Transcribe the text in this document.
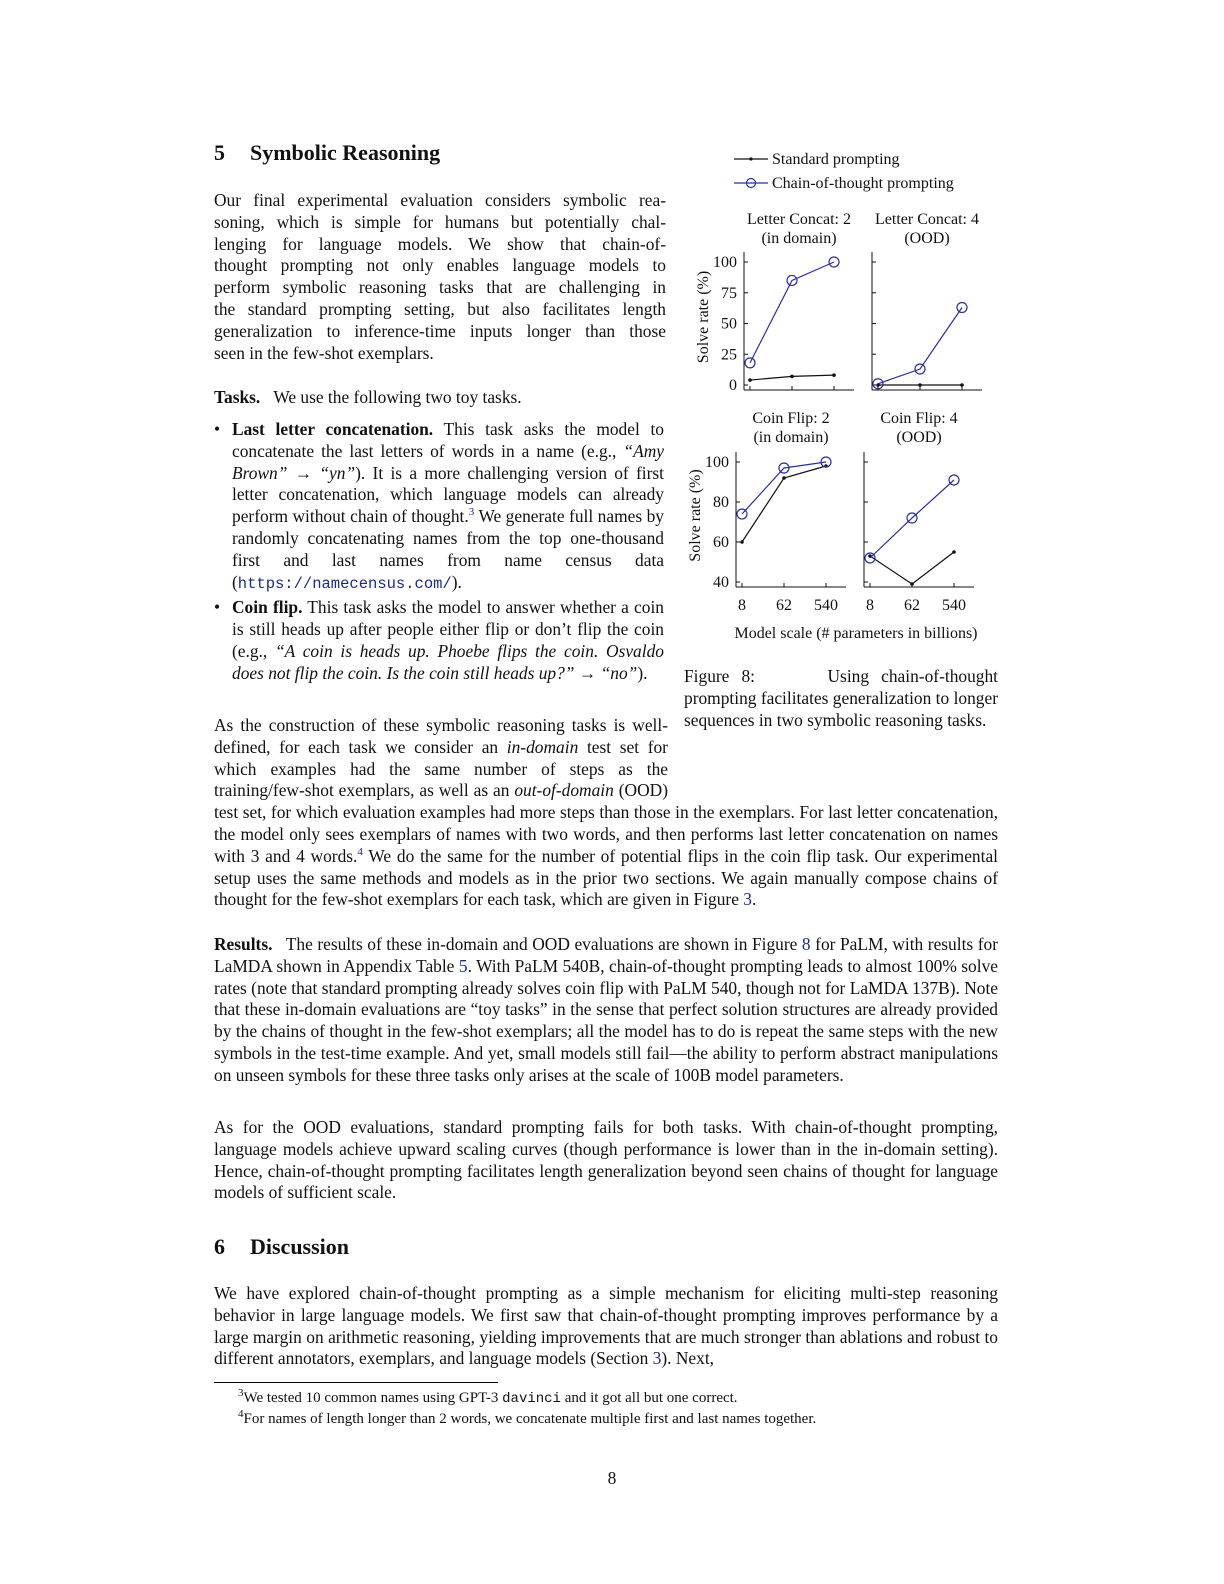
5 Symbolic Reasoning
Our final experimental evaluation considers symbolic rea-
soning, which is simple for humans but potentially chal-
lenging for language models. We show that chain-of-
thought prompting not only enables language models to
perform symbolic reasoning tasks that are challenging in
the standard prompting setting, but also facilitates length
generalization to inference-time inputs longer than those
seen in the few-shot exemplars.
Tasks. We use the following two toy tasks.
• Last letter concatenation. This task asks the model to concatenate the last letters of words in a name (e.g., “Amy Brown” → “yn”). It is a more challenging version of first letter concatenation, which language models can already perform without chain of thought.$^3$ We generate full names by randomly concatenating names from the top one-thousand first and last names from name census data (https://namecensus.com/).
• Coin flip. This task asks the model to answer whether a coin is still heads up after people either flip or don’t flip the coin (e.g., “A coin is heads up. Phoebe flips the coin. Osvaldo does not flip the coin. Is the coin still heads up?” → “no”).
As the construction of these symbolic reasoning tasks is well-defined, for each task we consider an in-domain test set for which examples had the same number of steps as the training/few-shot exemplars, as well as an out-of-domain (OOD) test set, for which evaluation examples had more steps than those in the exemplars. For last letter concatenation, the model only sees exemplars of names with two words, and then performs last letter concatenation on names with 3 and 4 words.$^4$ We do the same for the number of potential flips in the coin flip task. Our experimental setup uses the same methods and models as in the prior two sections. We again manually compose chains of thought for the few-shot exemplars for each task, which are given in Figure 3.
Results. The results of these in-domain and OOD evaluations are shown in Figure 8 for PaLM, with results for LaMDA shown in Appendix Table 5. With PaLM 540B, chain-of-thought prompting leads to almost 100% solve rates (note that standard prompting already solves coin flip with PaLM 540, though not for LaMDA 137B). Note that these in-domain evaluations are “toy tasks” in the sense that perfect solution structures are already provided by the chains of thought in the few-shot exemplars; all the model has to do is repeat the same steps with the new symbols in the test-time example. And yet, small models still fail—the ability to perform abstract manipulations on unseen symbols for these three tasks only arises at the scale of 100B model parameters.
As for the OOD evaluations, standard prompting fails for both tasks. With chain-of-thought prompting, language models achieve upward scaling curves (though performance is lower than in the in-domain setting). Hence, chain-of-thought prompting facilitates length generalization beyond seen chains of thought for language models of sufficient scale.
6 Discussion
We have explored chain-of-thought prompting as a simple mechanism for eliciting multi-step reasoning behavior in large language models. We first saw that chain-of-thought prompting improves performance by a large margin on arithmetic reasoning, yielding improvements that are much stronger than ablations and robust to different annotators, exemplars, and language models (Section 3). Next,
$^3$We tested 10 common names using GPT-3 davinci and it got all but one correct.
$^4$For names of length longer than 2 words, we concatenate multiple first and last names together.
8
Standard prompting
Chain-of-thought prompting
Letter Concat: 2
(in domain)
0
25
50
75
100
Solve rate (%)
Letter Concat: 4
(OOD)
Coin Flip: 2
(in domain)
40
60
80
100
8 62 540
Solve rate (%)
Coin Flip: 4
(OOD)
8 62 540
Model scale (# parameters in billions)
Figure 8:	Using chain-of-thought prompting facilitates generalization to longer sequences in two symbolic reasoning tasks.
